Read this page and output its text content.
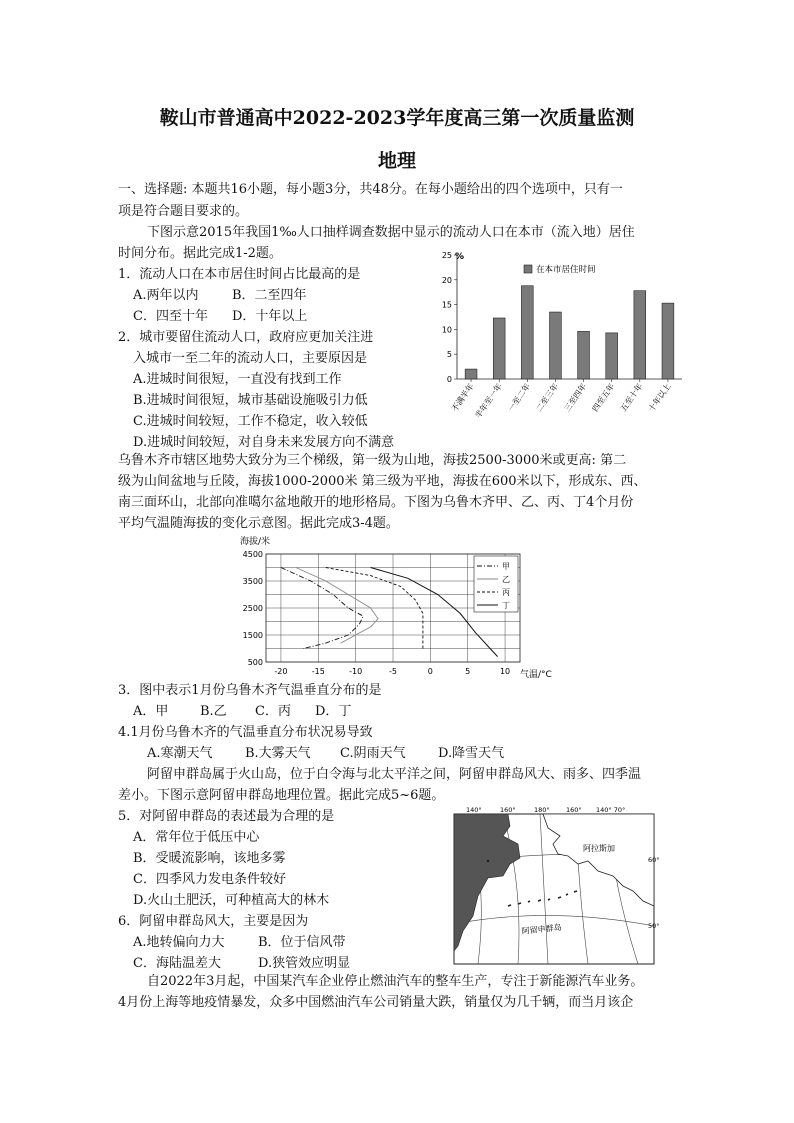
鞍山市普通高中2022-2023学年度高三第一次质量监测
地理
一、选择题: 本题共16小题，每小题3分，共48分。在每小题给出的四个选项中，只有一
项是符合题目要求的。
下图示意2015年我国1‰人口抽样调查数据中显示的流动人口在本市（流入地）居住
时间分布。据此完成1-2题。
1．流动人口在本市居住时间占比最高的是
A.两年以内	B．二至四年
C．四至十年 D．十年以上
2．城市要留住流动人口，政府应更加关注进
入城市一至二年的流动人口，主要原因是
A.进城时间很短，一直没有找到工作
B.进城时间很短，城市基础设施吸引力低
C.进城时间较短，工作不稳定，收入较低
D.进城时间较短，对自身未来发展方向不满意
0
5
10
15
20
25
不满半年
半年至一年 一至二年 二至三年 三至四年 四至五年 五至十年 十年以上
%
在本市居住时间
乌鲁木齐市辖区地势大致分为三个梯级，第一级为山地，海拔2500-3000米或更高: 第二
级为山间盆地与丘陵，海拔1000-2000米 第三级为平地，海拔在600米以下，形成东、西、
南三面环山，北部向准噶尔盆地敞开的地形格局。下图为乌鲁木齐甲、乙、丙、丁4个月份
平均气温随海拔的变化示意图。据此完成3-4题。
-20	-15	-10	-5	0	5	10
500
1500
2500
3500
4500
海拔/米
气温/°C
甲
乙
丙
丁
3．图中表示1月份乌鲁木齐气温垂直分布的是
A．甲 B.乙 C．丙 D．丁
4.1月份乌鲁木齐的气温垂直分布状况易导致
A.寒潮天气 B.大雾天气 C.阴雨天气 D.降雪天气
阿留申群岛属于火山岛，位于白令海与北太平洋之间，阿留申群岛风大、雨多、四季温
差小。下图示意阿留申群岛地理位置。据此完成5~6题。
5．对阿留申群岛的表述最为合理的是
A．常年位于低压中心
B．受暖流影响，该地多雾
C．四季风力发电条件较好
D.火山土肥沃，可种植高大的林木
6．阿留申群岛风大，主要是因为
A.地转偏向力大	B．位于信风带
C．海陆温差大	D.狭管效应明显
阿拉斯加
阿留申群岛
140°	160°	180°	160° 140° 70°
60°
50°
自2022年3月起，中国某汽车企业停止燃油汽车的整车生产，专注于新能源汽车业务。
4月份上海等地疫情暴发，众多中国燃油汽车公司销量大跌，销量仅为几千辆，而当月该企
